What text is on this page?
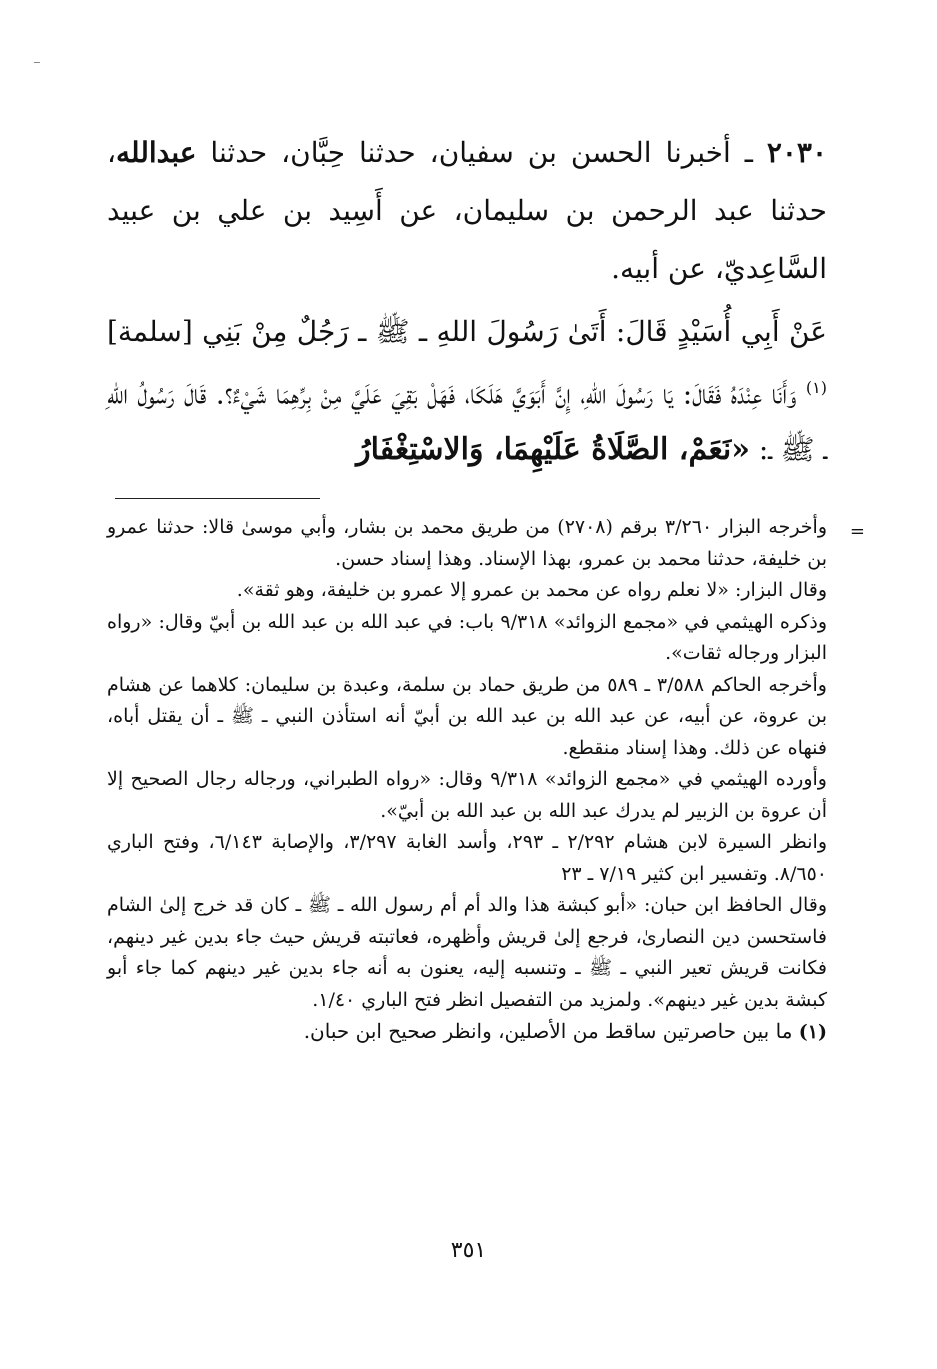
٢٠٣٠ ـ أخبرنا الحسن بن سفيان، حدثنا حِبَّان، حدثنا عبدالله، حدثنا عبد الرحمن بن سليمان، عن أَسِيد بن علي بن عبيد السَّاعِديّ، عن أبيه.

عَنْ أَبِي أُسَيْدٍ قَالَ: أَتَىٰ رَسُولَ اللهِ ـ ﷺ ـ رَجُلٌ مِنْ بَنِي [سلمة]$^{(١)}$ وَأَنَا عِنْدَهُ فَقَالَ: يَا رَسُولَ اللهِ، إِنَّ أَبَوَيَّ هَلَكَا، فَهَلْ بَقِيَ عَلَيَّ مِنْ بِرِّهِمَا شَيْءٌ؟. قَالَ رَسُولُ اللهِ ـ ﷺ ـ: «نَعَمْ، الصَّلَاةُ عَلَيْهِمَا، وَالاسْتِغْفَارُ

=

وأخرجه البزار ٣/٢٦٠ برقم (٢٧٠٨) من طريق محمد بن بشار، وأبي موسىٰ قالا: حدثنا عمرو بن خليفة، حدثنا محمد بن عمرو، بهذا الإسناد. وهذا إسناد حسن.

وقال البزار: «لا نعلم رواه عن محمد بن عمرو إلا عمرو بن خليفة، وهو ثقة».

وذكره الهيثمي في «مجمع الزوائد» ٩/٣١٨ باب: في عبد الله بن عبد الله بن أبيّ وقال: «رواه البزار ورجاله ثقات».

وأخرجه الحاكم ٣/٥٨٨ ـ ٥٨٩ من طريق حماد بن سلمة، وعبدة بن سليمان: كلاهما عن هشام بن عروة، عن أبيه، عن عبد الله بن عبد الله بن أبيّ أنه استأذن النبي ـ ﷺ ـ أن يقتل أباه، فنهاه عن ذلك. وهذا إسناد منقطع.

وأورده الهيثمي في «مجمع الزوائد» ٩/٣١٨ وقال: «رواه الطبراني، ورجاله رجال الصحيح إلا أن عروة بن الزبير لم يدرك عبد الله بن عبد الله بن أبيّ».

وانظر السيرة لابن هشام ٢/٢٩٢ ـ ٢٩٣، وأسد الغابة ٣/٢٩٧، والإصابة ٦/١٤٣، وفتح الباري ٨/٦٥٠. وتفسير ابن كثير ٧/١٩ ـ ٢٣

وقال الحافظ ابن حبان: «أبو كبشة هذا والد أم أم رسول الله ـ ﷺ ـ كان قد خرج إلىٰ الشام فاستحسن دين النصارىٰ، فرجع إلىٰ قريش وأظهره، فعاتبته قريش حيث جاء بدين غير دينهم، فكانت قريش تعير النبي ـ ﷺ ـ وتنسبه إليه، يعنون به أنه جاء بدين غير دينهم كما جاء أبو كبشة بدين غير دينهم». ولمزيد من التفصيل انظر فتح الباري ١/٤٠.

(١) ما بين حاصرتين ساقط من الأصلين، وانظر صحيح ابن حبان.

٣٥١
